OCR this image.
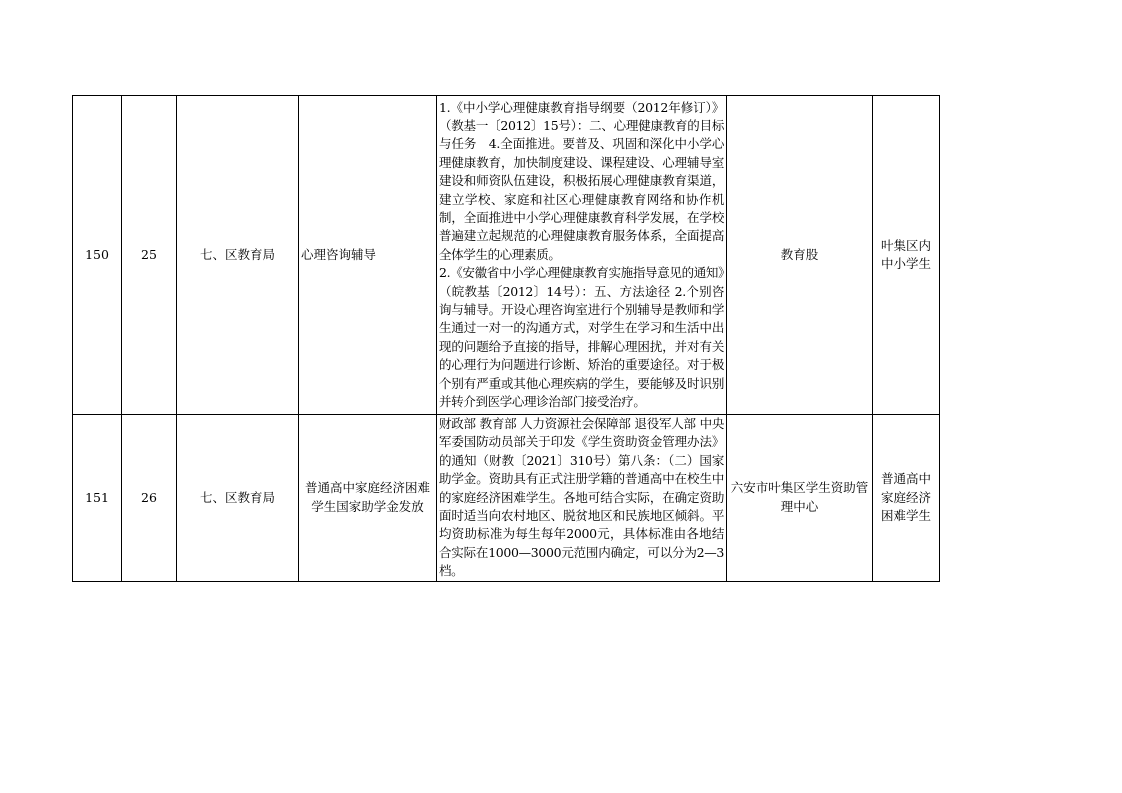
150	25	七、区教育局	心理咨询辅导	1.《中小学心理健康教育指导纲要（2012年修订）》（教基一〔2012〕15号）：二、心理健康教育的目标与任务　4.全面推进。要普及、巩固和深化中小学心理健康教育，加快制度建设、课程建设、心理辅导室建设和师资队伍建设，积极拓展心理健康教育渠道，建立学校、家庭和社区心理健康教育网络和协作机制，全面推进中小学心理健康教育科学发展，在学校普遍建立起规范的心理健康教育服务体系，全面提高全体学生的心理素质。
2.《安徽省中小学心理健康教育实施指导意见的通知》（皖教基〔2012〕14号）：五、方法途径 2.个别咨询与辅导。开设心理咨询室进行个别辅导是教师和学生通过一对一的沟通方式，对学生在学习和生活中出现的问题给予直接的指导，排解心理困扰，并对有关的心理行为问题进行诊断、矫治的重要途径。对于极个别有严重或其他心理疾病的学生，要能够及时识别并转介到医学心理诊治部门接受治疗。	教育股	叶集区内中小学生
151	26	七、区教育局	普通高中家庭经济困难学生国家助学金发放	财政部 教育部 人力资源社会保障部 退役军人部 中央军委国防动员部关于印发《学生资助资金管理办法》的通知（财教〔2021〕310号）第八条：（二）国家助学金。资助具有正式注册学籍的普通高中在校生中的家庭经济困难学生。各地可结合实际，在确定资助面时适当向农村地区、脱贫地区和民族地区倾斜。平均资助标准为每生每年2000元，具体标准由各地结合实际在1000—3000元范围内确定，可以分为2—3档。	六安市叶集区学生资助管理中心	普通高中家庭经济困难学生
